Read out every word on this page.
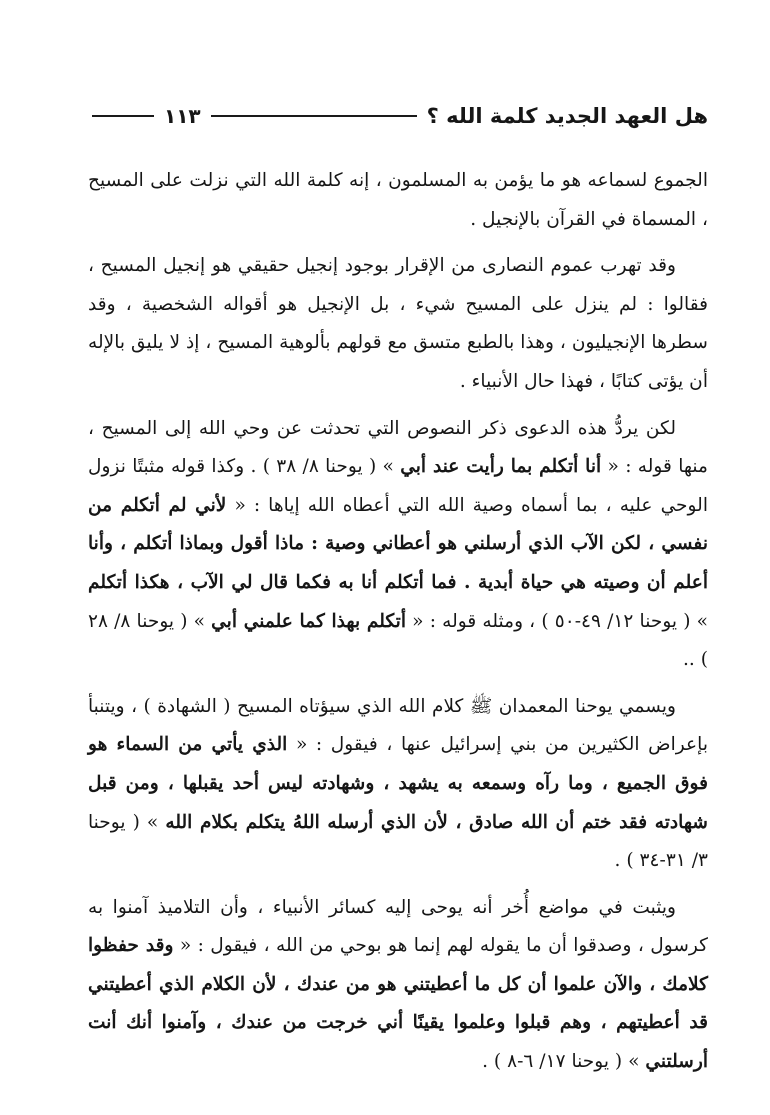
هل العهد الجديد كلمة الله ؟
١١٣

الجموع لسماعه هو ما يؤمن به المسلمون ، إنه كلمة الله التي نزلت على المسيح ، المسماة في القرآن بالإنجيل .

وقد تهرب عموم النصارى من الإقرار بوجود إنجيل حقيقي هو إنجيل المسيح ، فقالوا : لم ينزل على المسيح شيء ، بل الإنجيل هو أقواله الشخصية ، وقد سطرها الإنجيليون ، وهذا بالطبع متسق مع قولهم بألوهية المسيح ، إذ لا يليق بالإله أن يؤتى كتابًا ، فهذا حال الأنبياء .

لكن يردُّ هذه الدعوى ذكر النصوص التي تحدثت عن وحي الله إلى المسيح ، منها قوله : « أنا أتكلم بما رأيت عند أبي » ( يوحنا ٨/ ٣٨ ) . وكذا قوله مثبتًا نزول الوحي عليه ، بما أسماه وصية الله التي أعطاه الله إياها : « لأني لم أتكلم من نفسي ، لكن الآب الذي أرسلني هو أعطاني وصية : ماذا أقول وبماذا أتكلم ، وأنا أعلم أن وصيته هي حياة أبدية . فما أتكلم أنا به فكما قال لي الآب ، هكذا أتكلم » ( يوحنا ١٢/ ٤٩-٥٠ ) ، ومثله قوله : « أتكلم بهذا كما علمني أبي » ( يوحنا ٨/ ٢٨ ) ..

ويسمي يوحنا المعمدان ﷺ كلام الله الذي سيؤتاه المسيح ( الشهادة ) ، ويتنبأ بإعراض الكثيرين من بني إسرائيل عنها ، فيقول : « الذي يأتي من السماء هو فوق الجميع ، وما رآه وسمعه به يشهد ، وشهادته ليس أحد يقبلها ، ومن قبل شهادته فقد ختم أن الله صادق ، لأن الذي أرسله اللهُ يتكلم بكلام الله » ( يوحنا ٣/ ٣١-٣٤ ) .

ويثبت في مواضع أُخر أنه يوحى إليه كسائر الأنبياء ، وأن التلاميذ آمنوا به كرسول ، وصدقوا أن ما يقوله لهم إنما هو بوحي من الله ، فيقول : « وقد حفظوا كلامك ، والآن علموا أن كل ما أعطيتني هو من عندك ، لأن الكلام الذي أعطيتني قد أعطيتهم ، وهم قبلوا وعلموا يقينًا أني خرجت من عندك ، وآمنوا أنك أنت أرسلتني » ( يوحنا ١٧/ ٦-٨ ) .
